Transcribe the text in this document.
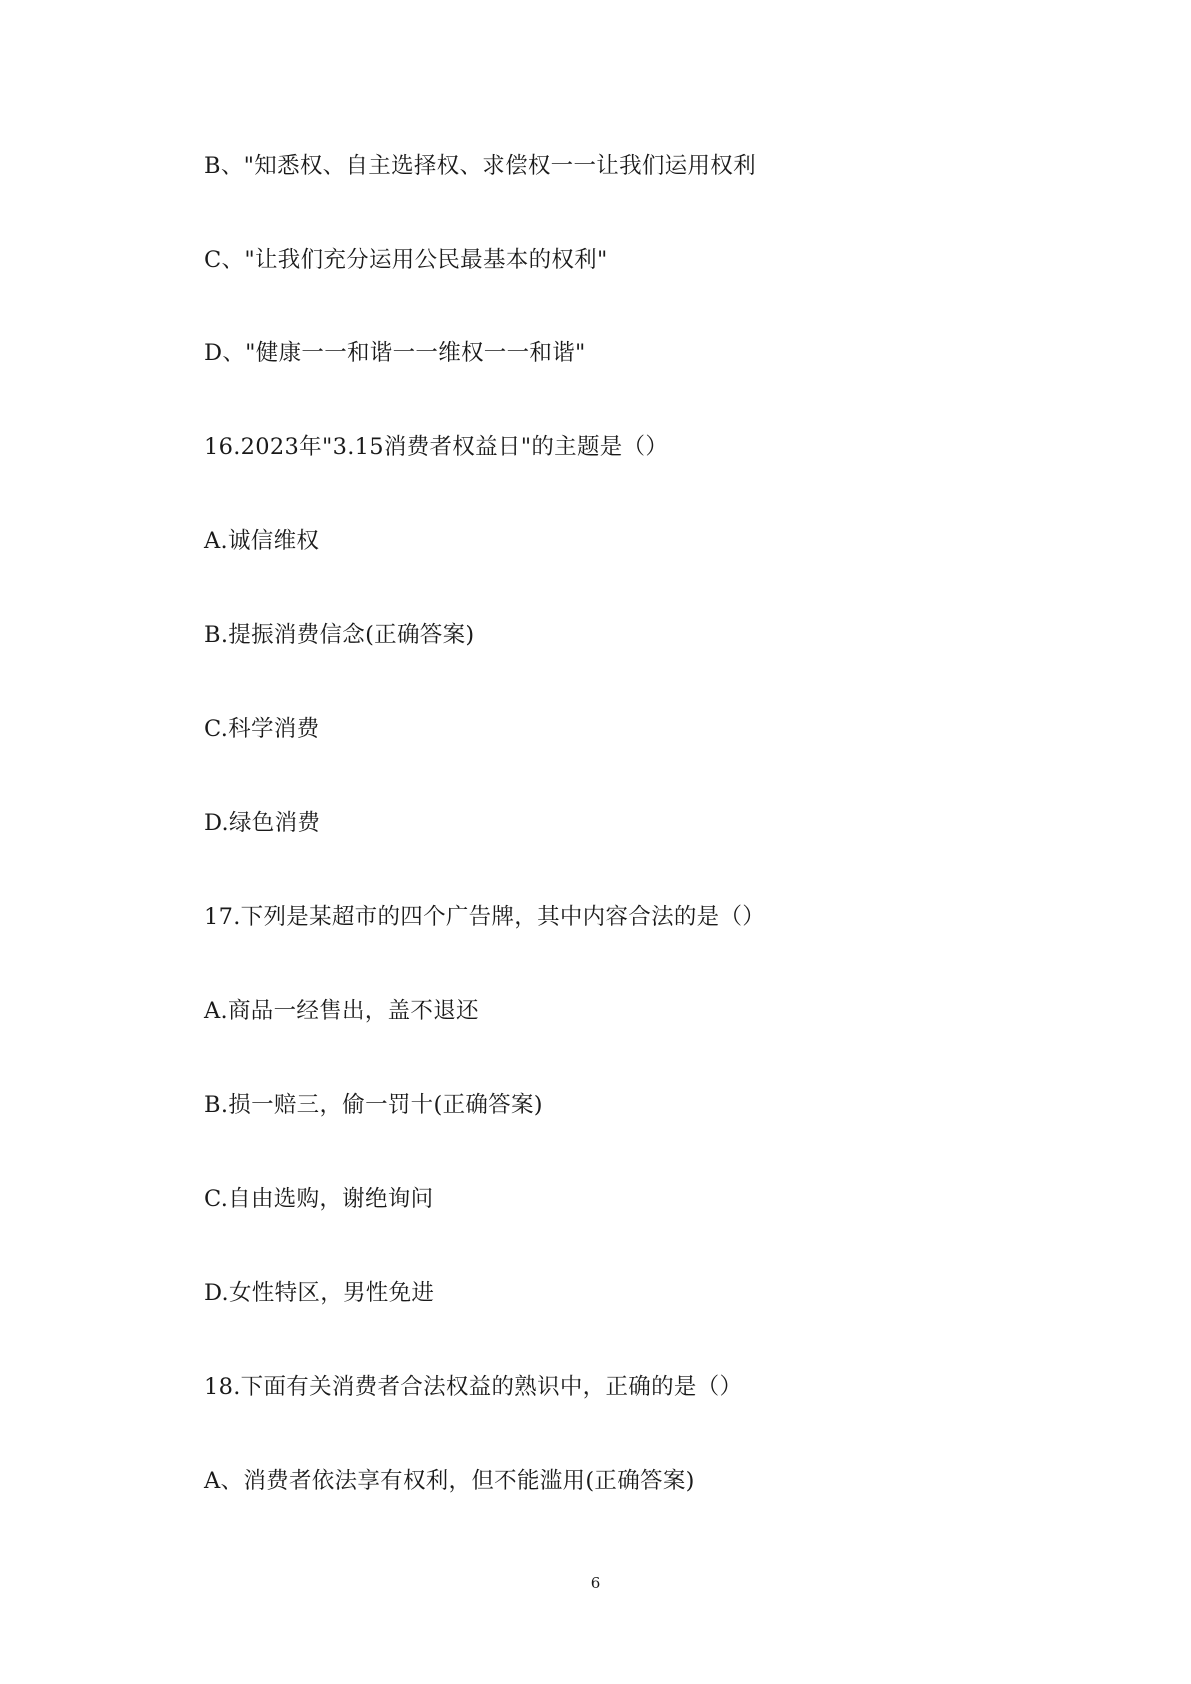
B、"知悉权、自主选择权、求偿权一一让我们运用权利
C、"让我们充分运用公民最基本的权利"
D、"健康一一和谐一一维权一一和谐"
16.2023年"3.15消费者权益日"的主题是（）
A.诚信维权
B.提振消费信念(正确答案)
C.科学消费
D.绿色消费
17.下列是某超市的四个广告牌，其中内容合法的是（）
A.商品一经售出，盖不退还
B.损一赔三，偷一罚十(正确答案)
C.自由选购，谢绝询问
D.女性特区，男性免进
18.下面有关消费者合法权益的熟识中，正确的是（）
A、消费者依法享有权利，但不能滥用(正确答案)
6
